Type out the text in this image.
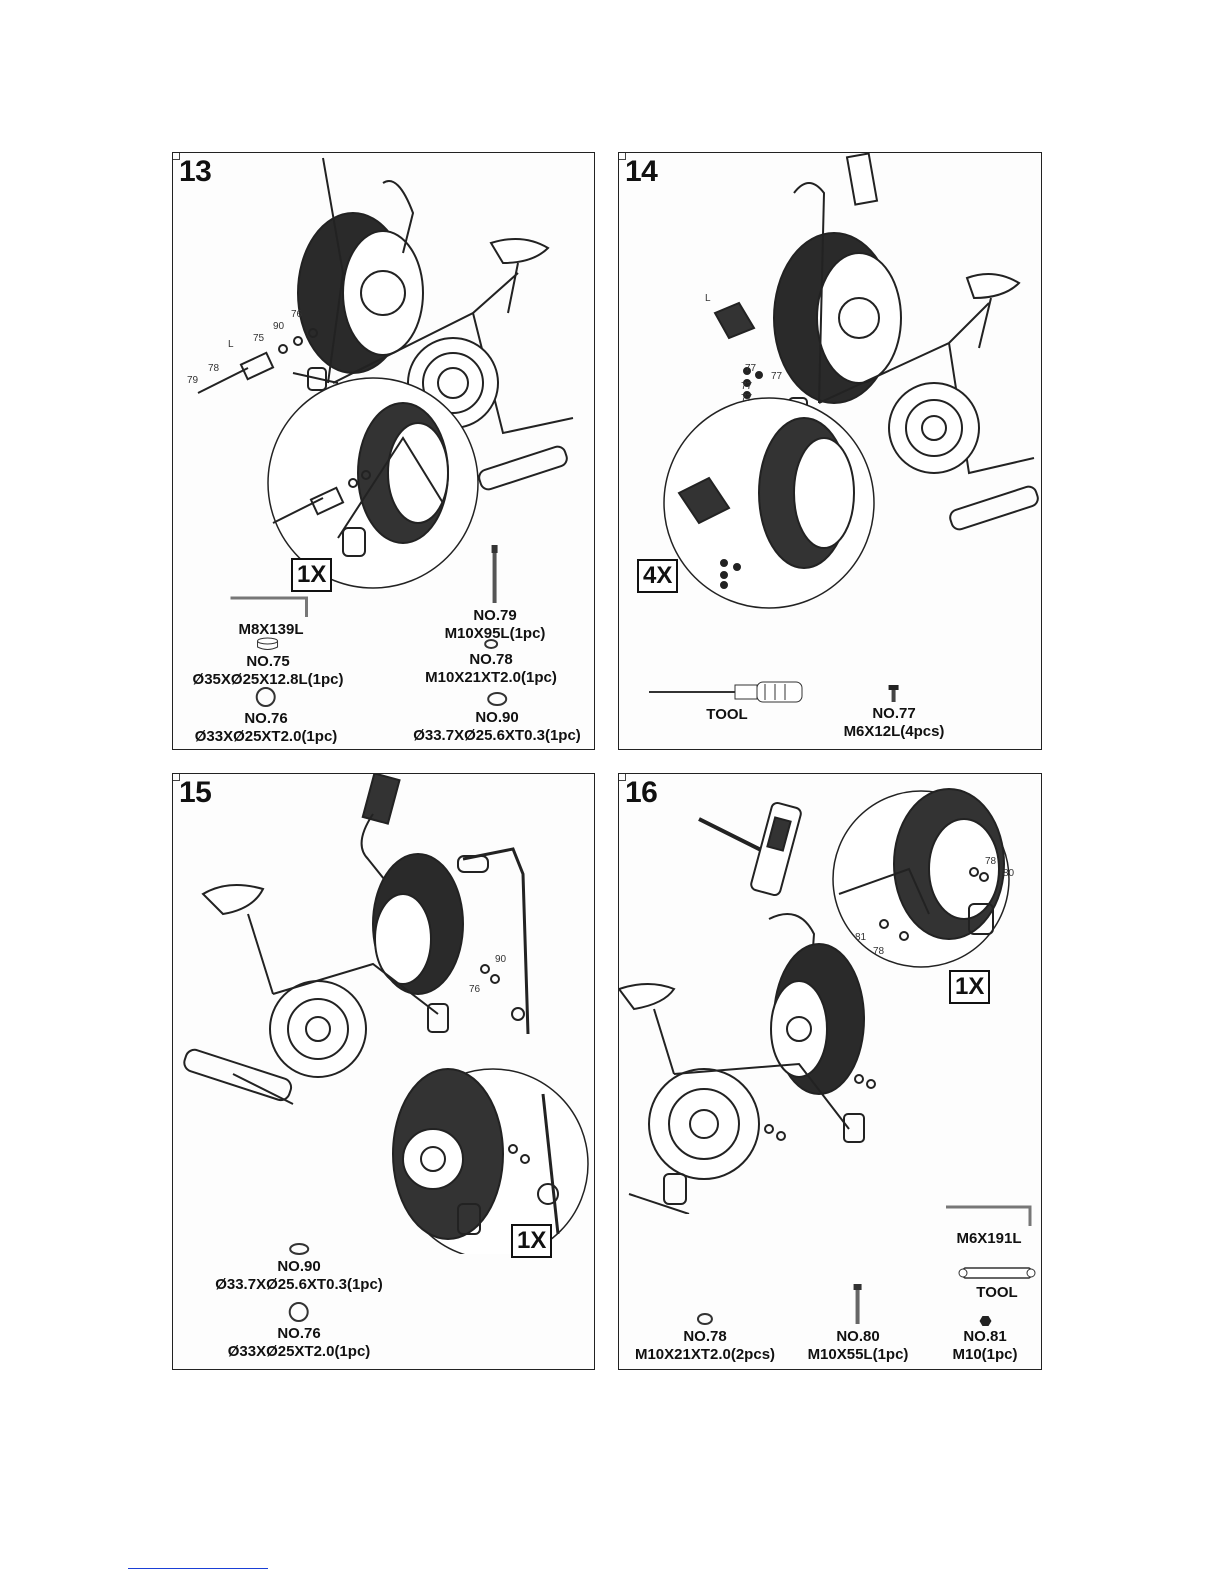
13
76
90
75
L
78
79
1X
M8X139L
NO.79
M10X95L(1pc)
NO.75
Ø35XØ25X12.8L(1pc)
NO.78
M10X21XT2.0(1pc)
NO.76
Ø33XØ25XT2.0(1pc)
NO.90
Ø33.7XØ25.6XT0.3(1pc)
14
L
77
77
77
77
4X
TOOL	NO.77
M6X12L(4pcs)
15
90
76
1X
NO.90
Ø33.7XØ25.6XT0.3(1pc)
NO.76
Ø33XØ25XT2.0(1pc)
16
78
80
81
78
1X
M6X191L
TOOL
NO.78
M10X21XT2.0(2pcs)
NO.80
M10X55L(1pc)
NO.81
M10(1pc)
